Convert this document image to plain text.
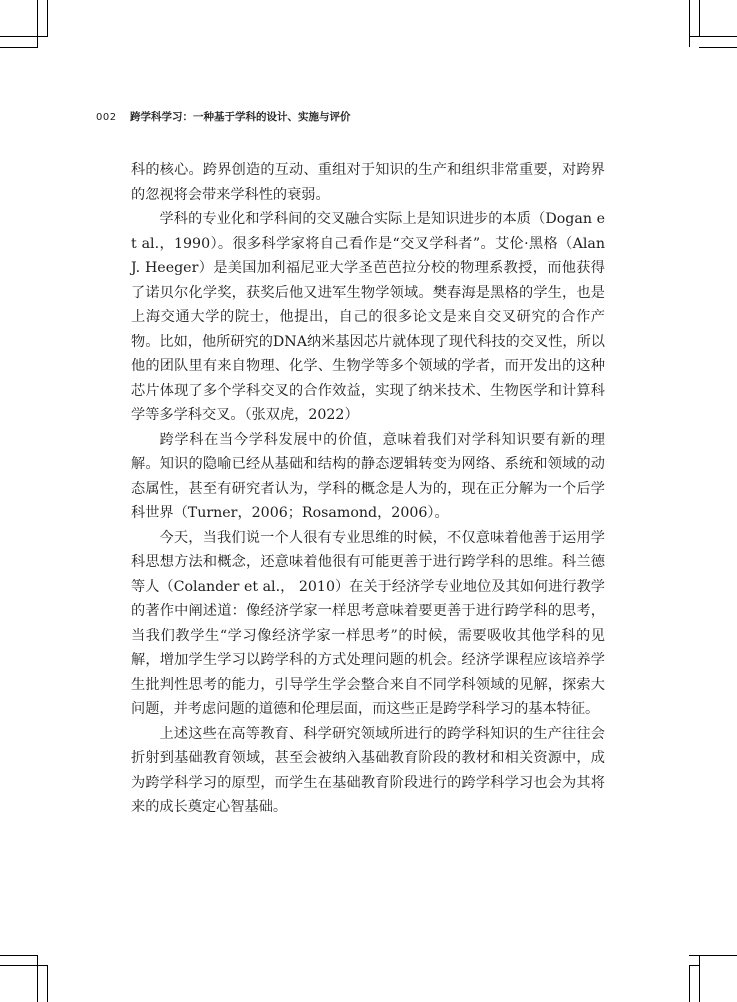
002 跨学科学习：一种基于学科的设计、实施与评价

科的核心。跨界创造的互动、重组对于知识的生产和组织非常重要，对跨界的忽视将会带来学科性的衰弱。

学科的专业化和学科间的交叉融合实际上是知识进步的本质（Dogan et al.，1990）。很多科学家将自己看作是“交叉学科者”。艾伦·黑格（Alan J. Heeger）是美国加利福尼亚大学圣芭芭拉分校的物理系教授，而他获得了诺贝尔化学奖，获奖后他又进军生物学领域。樊春海是黑格的学生，也是上海交通大学的院士，他提出，自己的很多论文是来自交叉研究的合作产物。比如，他所研究的DNA纳米基因芯片就体现了现代科技的交叉性，所以他的团队里有来自物理、化学、生物学等多个领域的学者，而开发出的这种芯片体现了多个学科交叉的合作效益，实现了纳米技术、生物医学和计算科学等多学科交叉。（张双虎，2022）

跨学科在当今学科发展中的价值，意味着我们对学科知识要有新的理解。知识的隐喻已经从基础和结构的静态逻辑转变为网络、系统和领域的动态属性，甚至有研究者认为，学科的概念是人为的，现在正分解为一个后学科世界（Turner，2006；Rosamond，2006）。

今天，当我们说一个人很有专业思维的时候，不仅意味着他善于运用学科思想方法和概念，还意味着他很有可能更善于进行跨学科的思维。科兰德等人（Colander et al.， 2010）在关于经济学专业地位及其如何进行教学的著作中阐述道：像经济学家一样思考意味着要更善于进行跨学科的思考，当我们教学生“学习像经济学家一样思考”的时候，需要吸收其他学科的见解，增加学生学习以跨学科的方式处理问题的机会。经济学课程应该培养学生批判性思考的能力，引导学生学会整合来自不同学科领域的见解，探索大问题，并考虑问题的道德和伦理层面，而这些正是跨学科学习的基本特征。

上述这些在高等教育、科学研究领域所进行的跨学科知识的生产往往会折射到基础教育领域，甚至会被纳入基础教育阶段的教材和相关资源中，成为跨学科学习的原型，而学生在基础教育阶段进行的跨学科学习也会为其将来的成长奠定心智基础。
